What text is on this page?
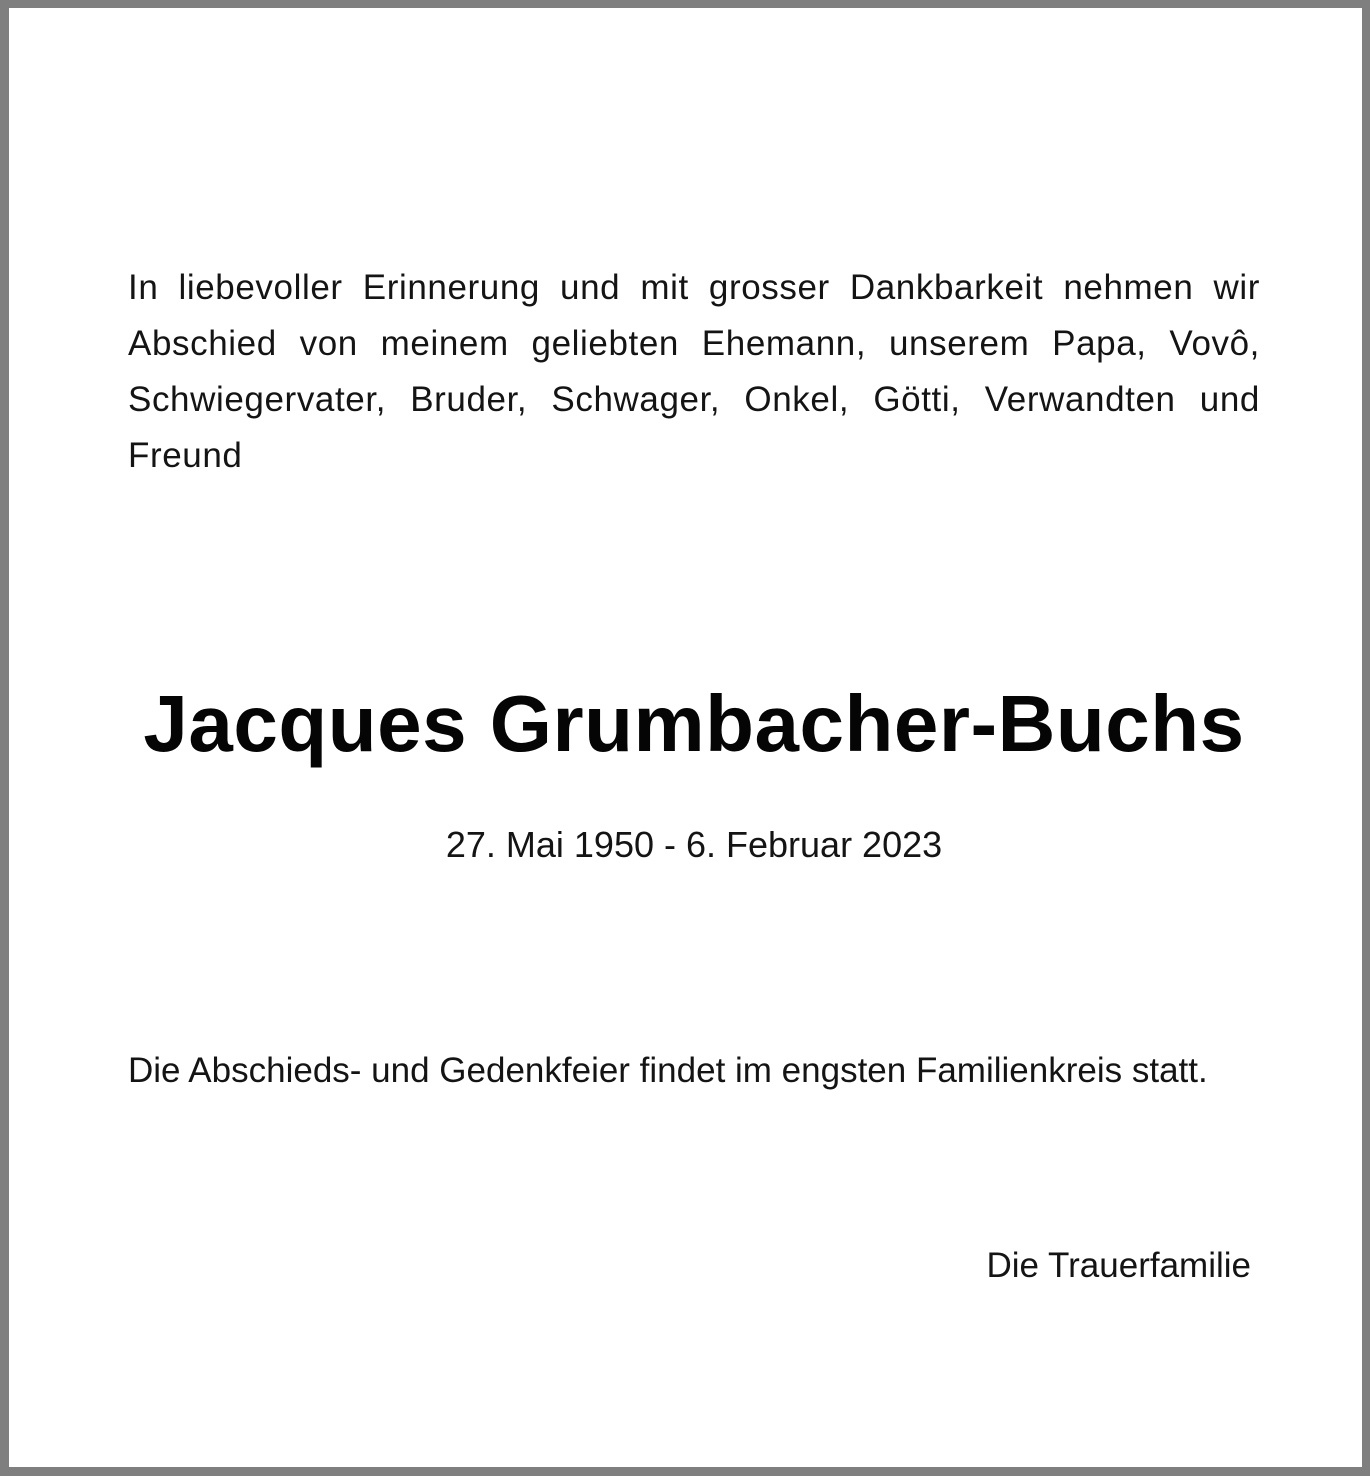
In liebevoller Erinnerung und mit grosser Dankbarkeit nehmen wir Abschied von meinem geliebten Ehemann, unserem Papa, Vovô, Schwiegervater, Bruder, Schwager, Onkel, Götti, Verwandten und Freund

Jacques Grumbacher-Buchs

27. Mai 1950 - 6. Februar 2023

Die Abschieds- und Gedenkfeier findet im engsten Familienkreis statt.

Die Trauerfamilie
